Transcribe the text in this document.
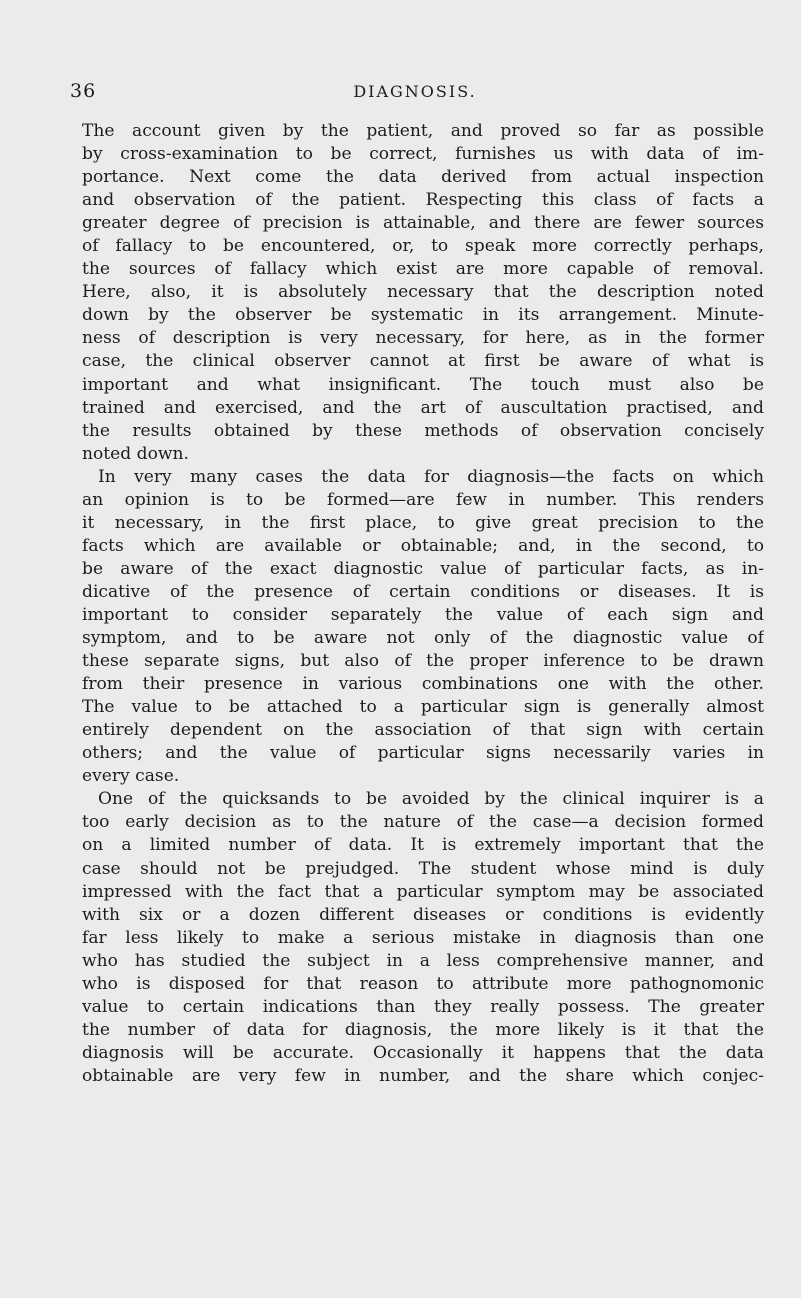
36	DIAGNOSIS.
The account given by the patient, and proved so far as possible
by cross-examination to be correct, furnishes us with data of im-
portance. Next come the data derived from actual inspection
and observation of the patient. Respecting this class of facts a
greater degree of precision is attainable, and there are fewer sources
of fallacy to be encountered, or, to speak more correctly perhaps,
the sources of fallacy which exist are more capable of removal.
Here, also, it is absolutely necessary that the description noted
down by the observer be systematic in its arrangement. Minute-
ness of description is very necessary, for here, as in the former
case, the clinical observer cannot at first be aware of what is
important and what insignificant. The touch must also be
trained and exercised, and the art of auscultation practised, and
the results obtained by these methods of observation concisely
noted down.
In very many cases the data for diagnosis—the facts on which
an opinion is to be formed—are few in number. This renders
it necessary, in the first place, to give great precision to the
facts which are available or obtainable; and, in the second, to
be aware of the exact diagnostic value of particular facts, as in-
dicative of the presence of certain conditions or diseases. It is
important to consider separately the value of each sign and
symptom, and to be aware not only of the diagnostic value of
these separate signs, but also of the proper inference to be drawn
from their presence in various combinations one with the other.
The value to be attached to a particular sign is generally almost
entirely dependent on the association of that sign with certain
others; and the value of particular signs necessarily varies in
every case.
One of the quicksands to be avoided by the clinical inquirer is a
too early decision as to the nature of the case—a decision formed
on a limited number of data. It is extremely important that the
case should not be prejudged. The student whose mind is duly
impressed with the fact that a particular symptom may be associated
with six or a dozen different diseases or conditions is evidently
far less likely to make a serious mistake in diagnosis than one
who has studied the subject in a less comprehensive manner, and
who is disposed for that reason to attribute more pathognomonic
value to certain indications than they really possess. The greater
the number of data for diagnosis, the more likely is it that the
diagnosis will be accurate. Occasionally it happens that the data
obtainable are very few in number, and the share which conjec-
